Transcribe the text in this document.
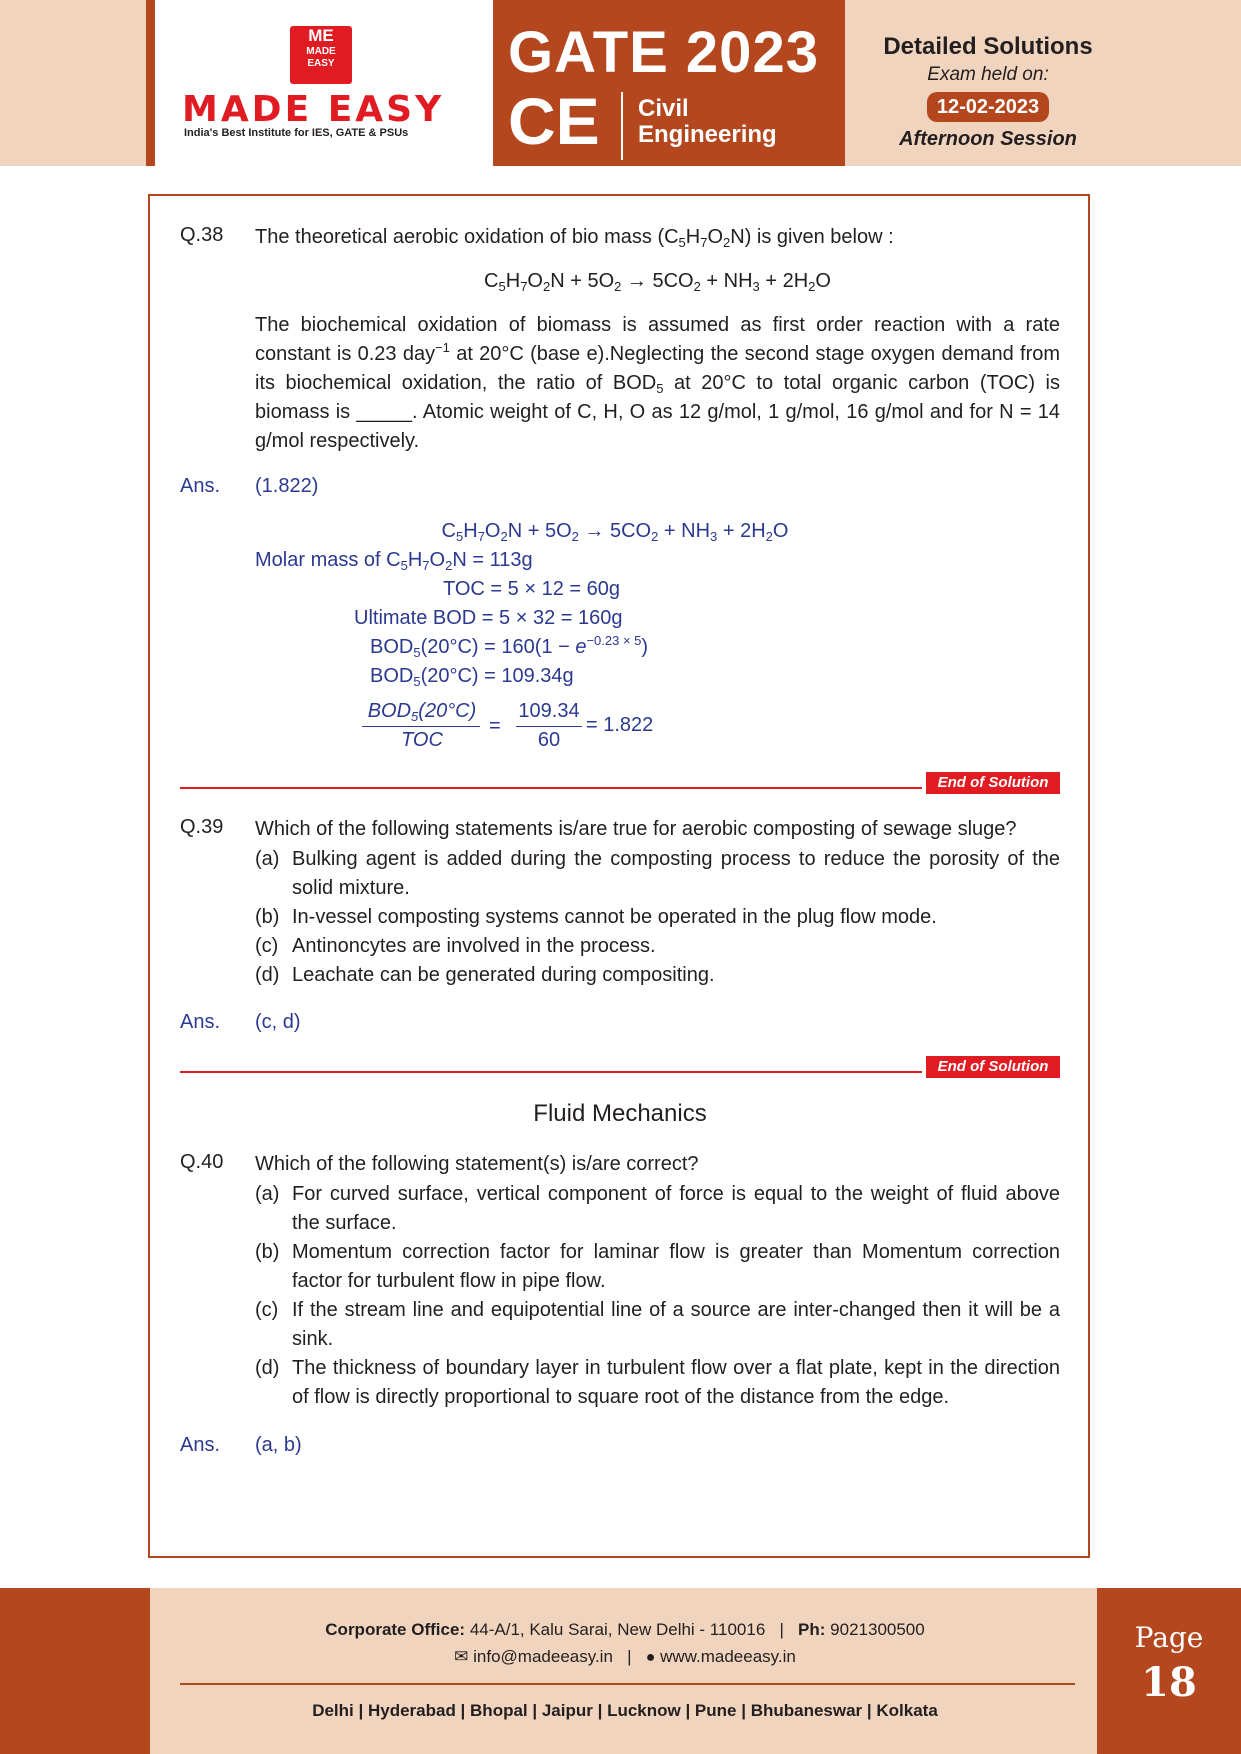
ME
MADE
EASY
MADE EASY
India's Best Institute for IES, GATE & PSUs
GATE 2023
CE Civil
Engineering
Detailed Solutions
Exam held on:
12-02-2023
Afternoon Session
Q.38 The theoretical aerobic oxidation of bio mass $(C_5H_7O_2N)$ is given below :
$C_5H_7O_2N + 5O_2 \to 5CO_2 + NH_3 + 2H_2O$
The biochemical oxidation of biomass is assumed as first order reaction with a rate constant is 0.23 day$^{-1}$ at 20°C (base e).Neglecting the second stage oxygen demand from its biochemical oxidation, the ratio of $BOD_5$ at 20°C to total organic carbon (TOC) is biomass is _____. Atomic weight of C, H, O as 12 g/mol, 1 g/mol, 16 g/mol and for N = 14 g/mol respectively.
Ans. (1.822)
$C_5H_7O_2N + 5O_2 \to 5CO_2 + NH_3 + 2H_2O$
Molar mass of $C_5H_7O_2N = 113g$
TOC = 5 × 12 = 60g
Ultimate BOD = 5 × 32 = 160g
$BOD_5(20^\circ C) = 160(1 - e^{-0.23 \times 5})$
$BOD_5(20^\circ C) = 109.34g$
$BOD_5(20^\circ C)$
TOC
=
109.34
60
= 1.822
End of Solution
Q.39 Which of the following statements is/are true for aerobic composting of sewage sluge?
(a) Bulking agent is added during the composting process to reduce the porosity of the solid mixture.
(b) In-vessel composting systems cannot be operated in the plug flow mode.
(c) Antinoncytes are involved in the process.
(d) Leachate can be generated during compositing.
Ans. (c, d)
End of Solution
Fluid Mechanics
Q.40 Which of the following statement(s) is/are correct?
(a) For curved surface, vertical component of force is equal to the weight of fluid above the surface.
(b) Momentum correction factor for laminar flow is greater than Momentum correction factor for turbulent flow in pipe flow.
(c) If the stream line and equipotential line of a source are inter-changed then it will be a sink.
(d) The thickness of boundary layer in turbulent flow over a flat plate, kept in the direction of flow is directly proportional to square root of the distance from the edge.
Ans. (a, b)
Page
18
Corporate Office: 44-A/1, Kalu Sarai, New Delhi - 110016   |   Ph: 9021300500
✉ info@madeeasy.in   |   ● www.madeeasy.in
Delhi | Hyderabad | Bhopal | Jaipur | Lucknow | Pune | Bhubaneswar | Kolkata
